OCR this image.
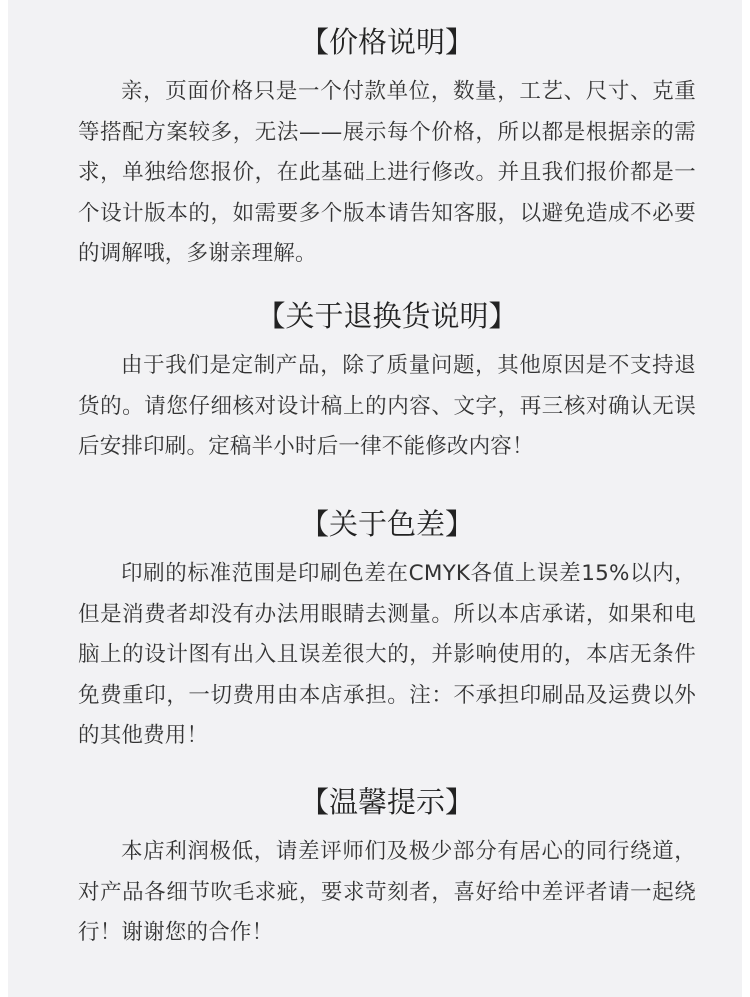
【价格说明】
亲，页面价格只是一个付款单位，数量，工艺、尺寸、克重等搭配方案较多，无法——展示每个价格，所以都是根据亲的需求，单独给您报价，在此基础上进行修改。并且我们报价都是一个设计版本的，如需要多个版本请告知客服，以避免造成不必要的调解哦，多谢亲理解。
【关于退换货说明】
由于我们是定制产品，除了质量问题，其他原因是不支持退货的。请您仔细核对设计稿上的内容、文字，再三核对确认无误后安排印刷。定稿半小时后一律不能修改内容！
【关于色差】
印刷的标准范围是印刷色差在CMYK各值上误差15%以内，但是消费者却没有办法用眼睛去测量。所以本店承诺，如果和电脑上的设计图有出入且误差很大的，并影响使用的，本店无条件免费重印，一切费用由本店承担。注：不承担印刷品及运费以外的其他费用！
【温馨提示】
本店利润极低，请差评师们及极少部分有居心的同行绕道，对产品各细节吹毛求疵，要求苛刻者，喜好给中差评者请一起绕行！谢谢您的合作！
